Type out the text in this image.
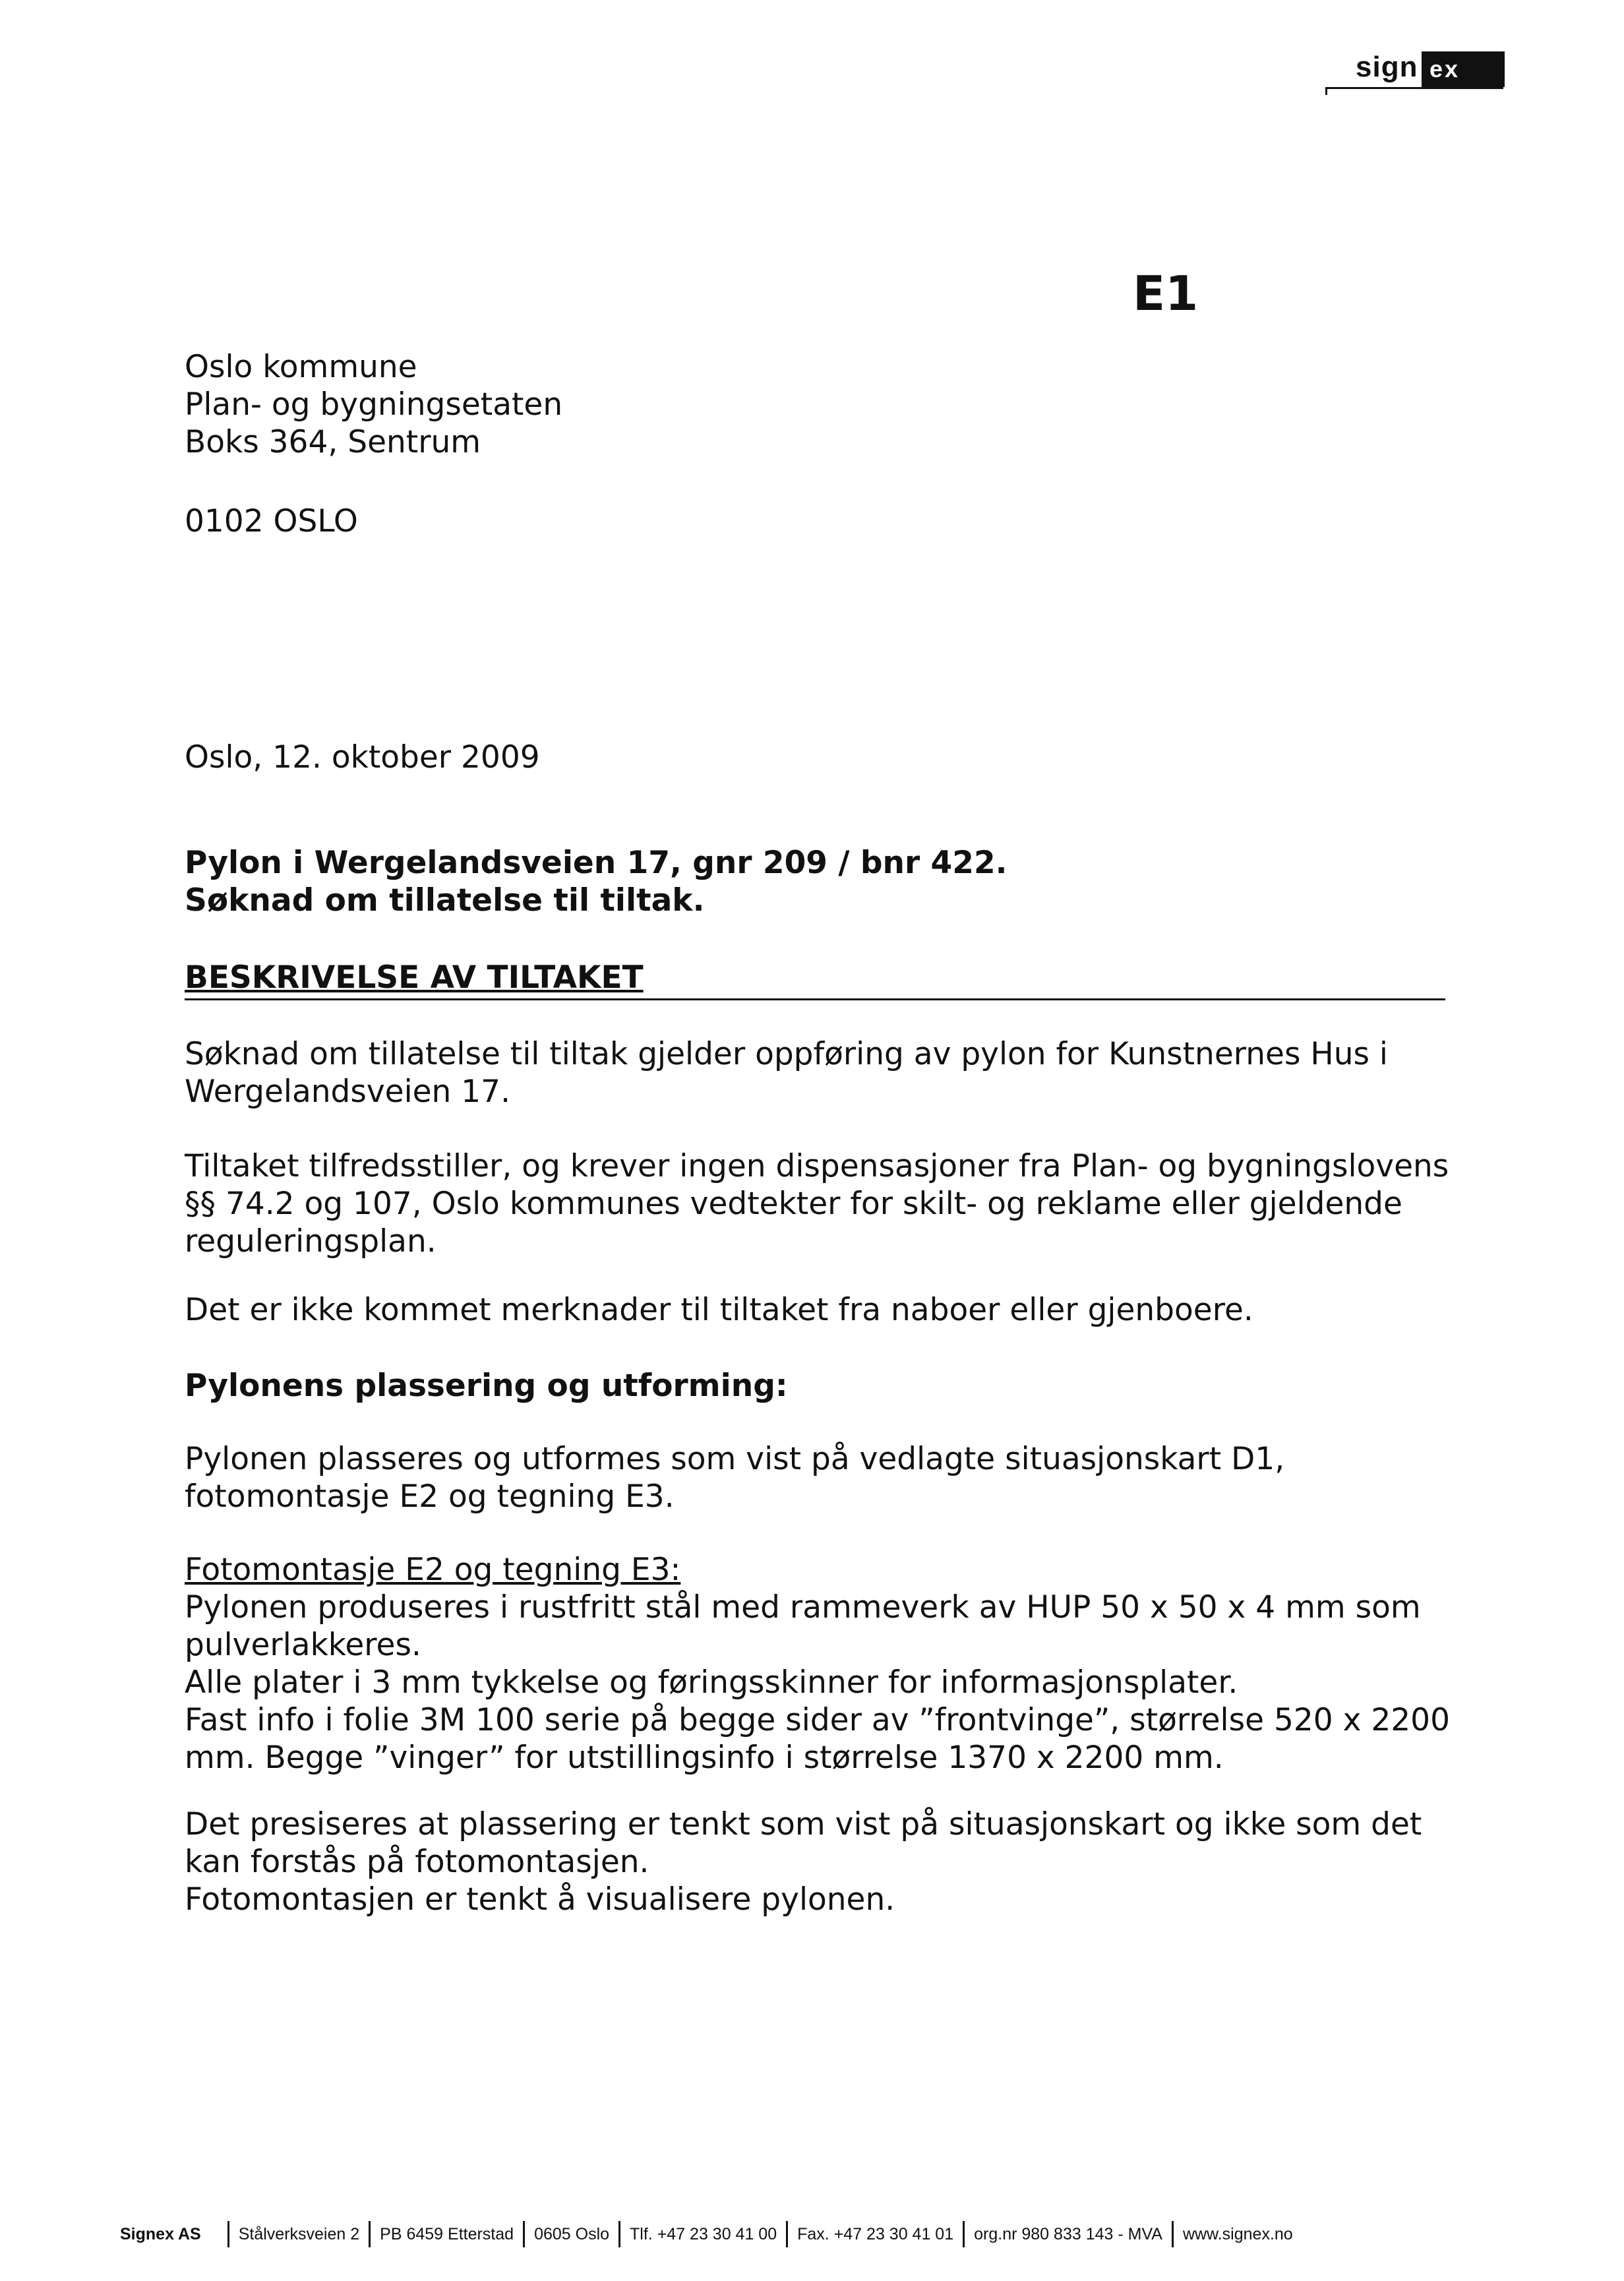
sign ex
E1
Oslo kommune
Plan- og bygningsetaten
Boks 364, Sentrum
0102 OSLO
Oslo, 12. oktober 2009
Pylon i Wergelandsveien 17, gnr 209 / bnr 422.
Søknad om tillatelse til tiltak.
BESKRIVELSE AV TILTAKET
Søknad om tillatelse til tiltak gjelder oppføring av pylon for Kunstnernes Hus i
Wergelandsveien 17.
Tiltaket tilfredsstiller, og krever ingen dispensasjoner fra Plan- og bygningslovens
§§ 74.2 og 107, Oslo kommunes vedtekter for skilt- og reklame eller gjeldende
reguleringsplan.
Det er ikke kommet merknader til tiltaket fra naboer eller gjenboere.
Pylonens plassering og utforming:
Pylonen plasseres og utformes som vist på vedlagte situasjonskart D1,
fotomontasje E2 og tegning E3.
Fotomontasje E2 og tegning E3:
Pylonen produseres i rustfritt stål med rammeverk av HUP 50 x 50 x 4 mm som
pulverlakkeres.
Alle plater i 3 mm tykkelse og føringsskinner for informasjonsplater.
Fast info i folie 3M 100 serie på begge sider av ”frontvinge”, størrelse 520 x 2200
mm. Begge ”vinger” for utstillingsinfo i størrelse 1370 x 2200 mm.
Det presiseres at plassering er tenkt som vist på situasjonskart og ikke som det
kan forstås på fotomontasjen.
Fotomontasjen er tenkt å visualisere pylonen.
Signex AS Stålverksveien 2 PB 6459 Etterstad 0605 Oslo Tlf. +47 23 30 41 00 Fax. +47 23 30 41 01 org.nr 980 833 143 - MVA www.signex.no
